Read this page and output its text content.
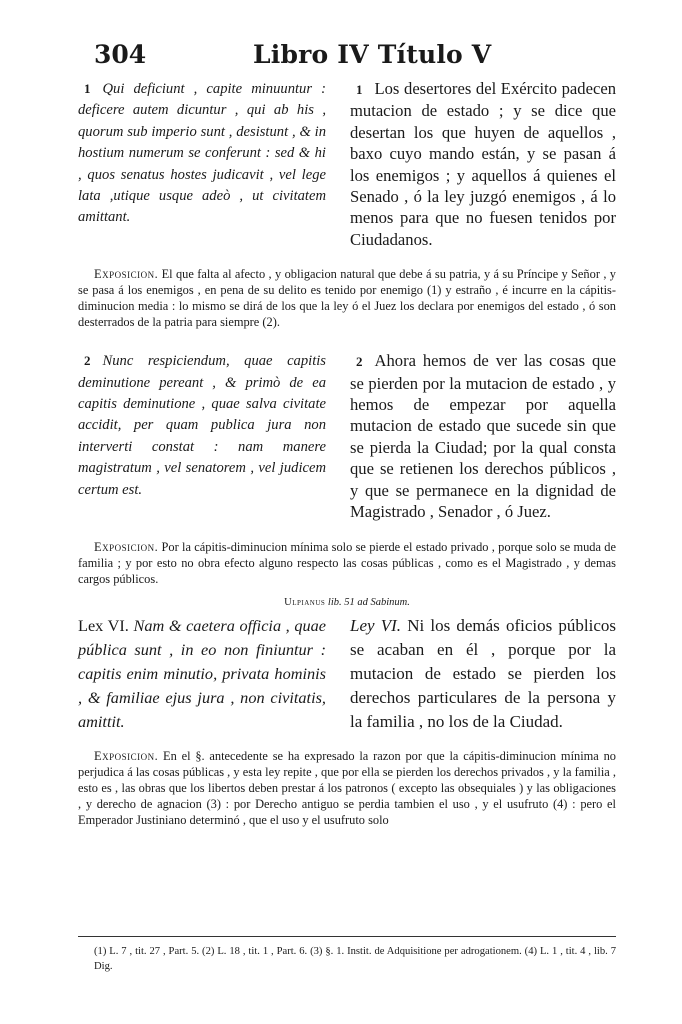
304	Libro IV Título V
1 Qui deficiunt , capite minuuntur : deficere autem dicuntur , qui ab his , quorum sub imperio sunt , desistunt , & in hostium numerum se conferunt : sed & hi , quos senatus hostes judicavit , vel lege lata ,utique usque adeò , ut civitatem amittant.
1 Los desertores del Exército padecen mutacion de estado ; y se dice que desertan los que huyen de aquellos , baxo cuyo mando están, y se pasan á los enemigos ; y aquellos á quienes el Senado , ó la ley juzgó enemigos , á lo menos para que no fuesen tenidos por Ciudadanos.

Exposicion. El que falta al afecto , y obligacion natural que debe á su patria, y á su Príncipe y Señor , y se pasa á los enemigos , en pena de su delito es tenido por enemigo (1) y estraño , é incurre en la cápitis-diminucion media : lo mismo se dirá de los que la ley ó el Juez los declara por enemigos del estado , ó son desterrados de la patria para siempre (2).

2 Nunc respiciendum, quae capitis deminutione pereant , & primò de ea capitis deminutione , quae salva civitate accidit, per quam publica jura non interverti constat : nam manere magistratum , vel senatorem , vel judicem certum est.
2 Ahora hemos de ver las cosas que se pierden por la mutacion de estado , y hemos de empezar por aquella mutacion de estado que sucede sin que se pierda la Ciudad; por la qual consta que se retienen los derechos públicos , y que se permanece en la dignidad de Magistrado , Senador , ó Juez.

Exposicion. Por la cápitis-diminucion mínima solo se pierde el estado privado , porque solo se muda de familia ; y por esto no obra efecto alguno respecto las cosas públicas , como es el Magistrado , y demas cargos públicos.

Ulpianus lib. 51 ad Sabinum.
Lex VI. Nam & caetera officia , quae pública sunt , in eo non finiuntur : capitis enim minutio, privata hominis , & familiae ejus jura , non civitatis, amittit.
Ley VI. Ni los demás oficios públicos se acaban en él , porque por la mutacion de estado se pierden los derechos particulares de la persona y la familia , no los de la Ciudad.

Exposicion. En el §. antecedente se ha expresado la razon por que la cápitis-diminucion mínima no perjudica á las cosas públicas , y esta ley repite , que por ella se pierden los derechos privados , y la familia , esto es , las obras que los libertos deben prestar á los patronos ( excepto las obsequiales ) y las obligaciones , y derecho de agnacion (3) : por Derecho antiguo se perdia tambien el uso , y el usufruto (4) : pero el Emperador Justiniano determinó , que el uso y el usufruto solo

(1) L. 7 , tit. 27 , Part. 5. (2) L. 18 , tit. 1 , Part. 6. (3) §. 1. Instit. de Adquisitione per adrogationem. (4) L. 1 , tit. 4 , lib. 7 Dig.
